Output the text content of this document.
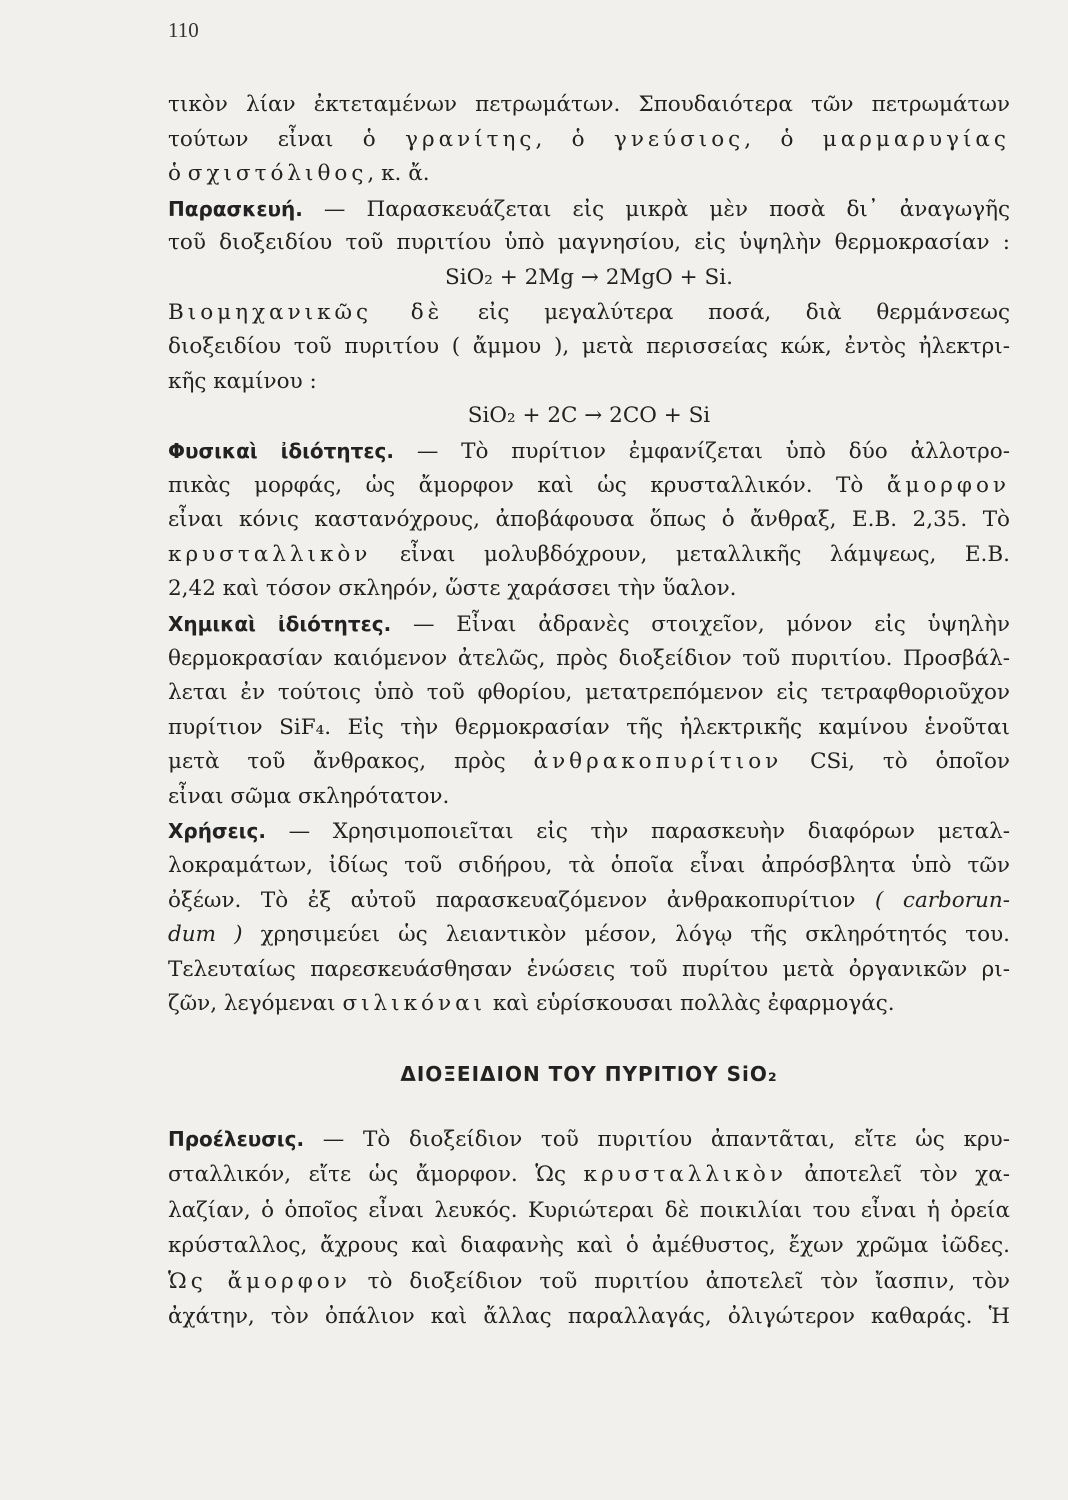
110
τικὸν λίαν ἐκτεταμένων πετρωμάτων. Σπουδαιότερα τῶν πετρωμάτων
τούτων εἶναι ὁ γρανίτης, ὁ γνεύσιος, ὁ μαρμαρυγίας
ὁ σχιστόλιθος, κ. ἄ.
Παρασκευή. — Παρασκευάζεται εἰς μικρὰ μὲν ποσὰ δι᾿ ἀναγωγῆς
τοῦ διοξειδίου τοῦ πυριτίου ὑπὸ μαγνησίου, εἰς ὑψηλὴν θερμοκρασίαν :
SiO₂ + 2Mg → 2MgO + Si.
Βιομηχανικῶς δὲ εἰς μεγαλύτερα ποσά, διὰ θερμάνσεως
διοξειδίου τοῦ πυριτίου ( ἄμμου ), μετὰ περισσείας κώκ, ἐντὸς ἠλεκτρι-
κῆς καμίνου :
SiO₂ + 2C → 2CO + Si
Φυσικαὶ ἰδιότητες. — Τὸ πυρίτιον ἐμφανίζεται ὑπὸ δύο ἀλλοτρο-
πικὰς μορφάς, ὡς ἄμορφον καὶ ὡς κρυσταλλικόν. Τὸ ἄμορφον
εἶναι κόνις καστανόχρους, ἀποβάφουσα ὅπως ὁ ἄνθραξ, Ε.Β. 2,35. Τὸ
κρυσταλλικὸν εἶναι μολυβδόχρουν, μεταλλικῆς λάμψεως, Ε.Β.
2,42 καὶ τόσον σκληρόν, ὥστε χαράσσει τὴν ὕαλον.
Χημικαὶ ἰδιότητες. — Εἶναι ἀδρανὲς στοιχεῖον, μόνον εἰς ὑψηλὴν
θερμοκρασίαν καιόμενον ἀτελῶς, πρὸς διοξείδιον τοῦ πυριτίου. Προσβάλ-
λεται ἐν τούτοις ὑπὸ τοῦ φθορίου, μετατρεπόμενον εἰς τετραφθοριοῦχον
πυρίτιον SiF₄. Εἰς τὴν θερμοκρασίαν τῆς ἠλεκτρικῆς καμίνου ἑνοῦται
μετὰ τοῦ ἄνθρακος, πρὸς ἀνθρακοπυρίτιον CSi, τὸ ὁποῖον
εἶναι σῶμα σκληρότατον.
Χρήσεις. — Χρησιμοποιεῖται εἰς τὴν παρασκευὴν διαφόρων μεταλ-
λοκραμάτων, ἰδίως τοῦ σιδήρου, τὰ ὁποῖα εἶναι ἀπρόσβλητα ὑπὸ τῶν
ὀξέων. Τὸ ἐξ αὐτοῦ παρασκευαζόμενον ἀνθρακοπυρίτιον ( carborun-
dum ) χρησιμεύει ὡς λειαντικὸν μέσον, λόγῳ τῆς σκληρότητός του.
Τελευταίως παρεσκευάσθησαν ἑνώσεις τοῦ πυρίτου μετὰ ὀργανικῶν ρι-
ζῶν, λεγόμεναι σιλικόναι καὶ εὑρίσκουσαι πολλὰς ἐφαρμογάς.
ΔΙΟΞΕΙΔΙΟΝ ΤΟΥ ΠΥΡΙΤΙΟΥ SiO₂
Προέλευσις. — Τὸ διοξείδιον τοῦ πυριτίου ἀπαντᾶται, εἴτε ὡς κρυ-
σταλλικόν, εἴτε ὡς ἄμορφον. Ὡς κρυσταλλικὸν ἀποτελεῖ τὸν χα-
λαζίαν, ὁ ὁποῖος εἶναι λευκός. Κυριώτεραι δὲ ποικιλίαι του εἶναι ἡ ὀρεία
κρύσταλλος, ἄχρους καὶ διαφανὴς καὶ ὁ ἀμέθυστος, ἔχων χρῶμα ἰῶδες.
Ὡς ἄμορφον τὸ διοξείδιον τοῦ πυριτίου ἀποτελεῖ τὸν ἴασπιν, τὸν
ἀχάτην, τὸν ὀπάλιον καὶ ἄλλας παραλλαγάς, ὀλιγώτερον καθαράς. Ἡ
